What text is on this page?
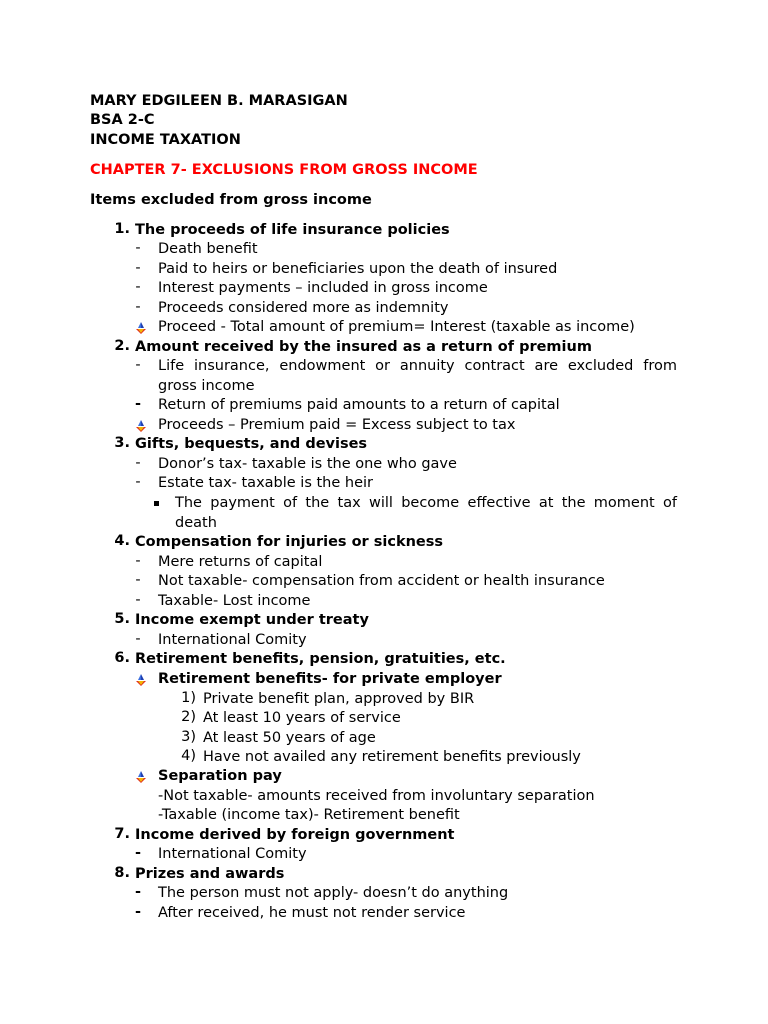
MARY EDGILEEN B. MARASIGAN
BSA 2-C
INCOME TAXATION
CHAPTER 7- EXCLUSIONS FROM GROSS INCOME
Items excluded from gross income
1. The proceeds of life insurance policies
-	Death benefit
-	Paid to heirs or beneficiaries upon the death of insured
-	Interest payments – included in gross income
-	Proceeds considered more as indemnity
Proceed - Total amount of premium= Interest (taxable as income)
2. Amount received by the insured as a return of premium
-	Life insurance, endowment or annuity contract are excluded from
gross income
- Return of premiums paid amounts to a return of capital
Proceeds – Premium paid = Excess subject to tax
3. Gifts, bequests, and devises
-	Donor’s tax- taxable is the one who gave
-	Estate tax- taxable is the heir
The payment of the tax will become effective at the moment of
death
4. Compensation for injuries or sickness
-	Mere returns of capital
-	Not taxable- compensation from accident or health insurance
-	Taxable- Lost income
5. Income exempt under treaty
-	International Comity
6. Retirement benefits, pension, gratuities, etc.
Retirement benefits- for private employer
1) Private benefit plan, approved by BIR
2) At least 10 years of service
3) At least 50 years of age
4) Have not availed any retirement benefits previously
Separation pay
-Not taxable- amounts received from involuntary separation
-Taxable (income tax)- Retirement benefit
7. Income derived by foreign government
- International Comity
8. Prizes and awards
- The person must not apply- doesn’t do anything
- After received, he must not render service
